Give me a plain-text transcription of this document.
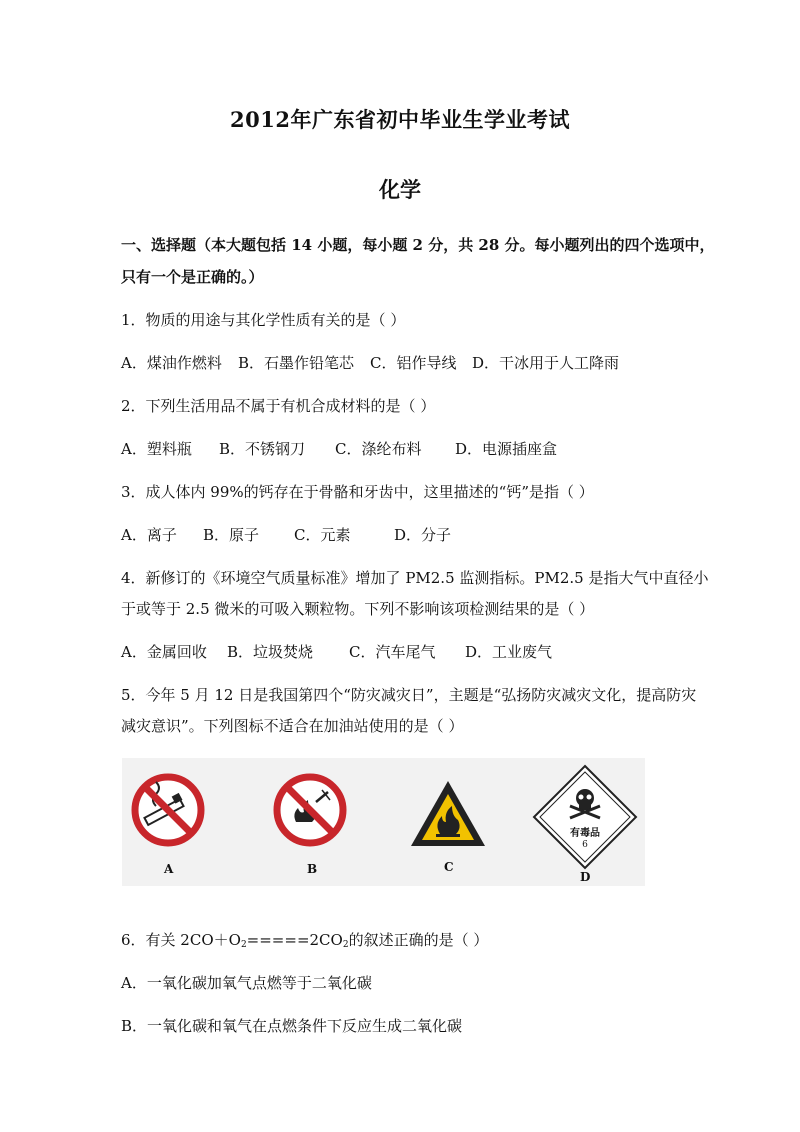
2012年广东省初中毕业生学业考试
化学
一、选择题（本大题包括 14 小题，每小题 2 分，共 28 分。每小题列出的四个选项中，
只有一个是正确的。）
1．物质的用途与其化学性质有关的是（ ）
A．煤油作燃料 B．石墨作铅笔芯 C．铝作导线 D．干冰用于人工降雨
2．下列生活用品不属于有机合成材料的是（ ）
A．塑料瓶 B．不锈钢刀 C．涤纶布料 D．电源插座盒
3．成人体内 99%的钙存在于骨骼和牙齿中，这里描述的“钙”是指（ ）
A．离子 B．原子 C．元素	D．分子
4．新修订的《环境空气质量标准》增加了 PM2.5 监测指标。PM2.5 是指大气中直径小
于或等于 2.5 微米的可吸入颗粒物。下列不影响该项检测结果的是（ ）
A．金属回收 B．垃圾焚烧 C．汽车尾气 D．工业废气
5．今年 5 月 12 日是我国第四个“防灾减灾日”，主题是“弘扬防灾减灾文化，提高防灾
减灾意识”。下列图标不适合在加油站使用的是（ ）
A	B	C
有毒品
6
D
6．有关 $2CO+O_2=====2CO_2$的叙述正确的是（ ）
A．一氧化碳加氧气点燃等于二氧化碳
B．一氧化碳和氧气在点燃条件下反应生成二氧化碳
